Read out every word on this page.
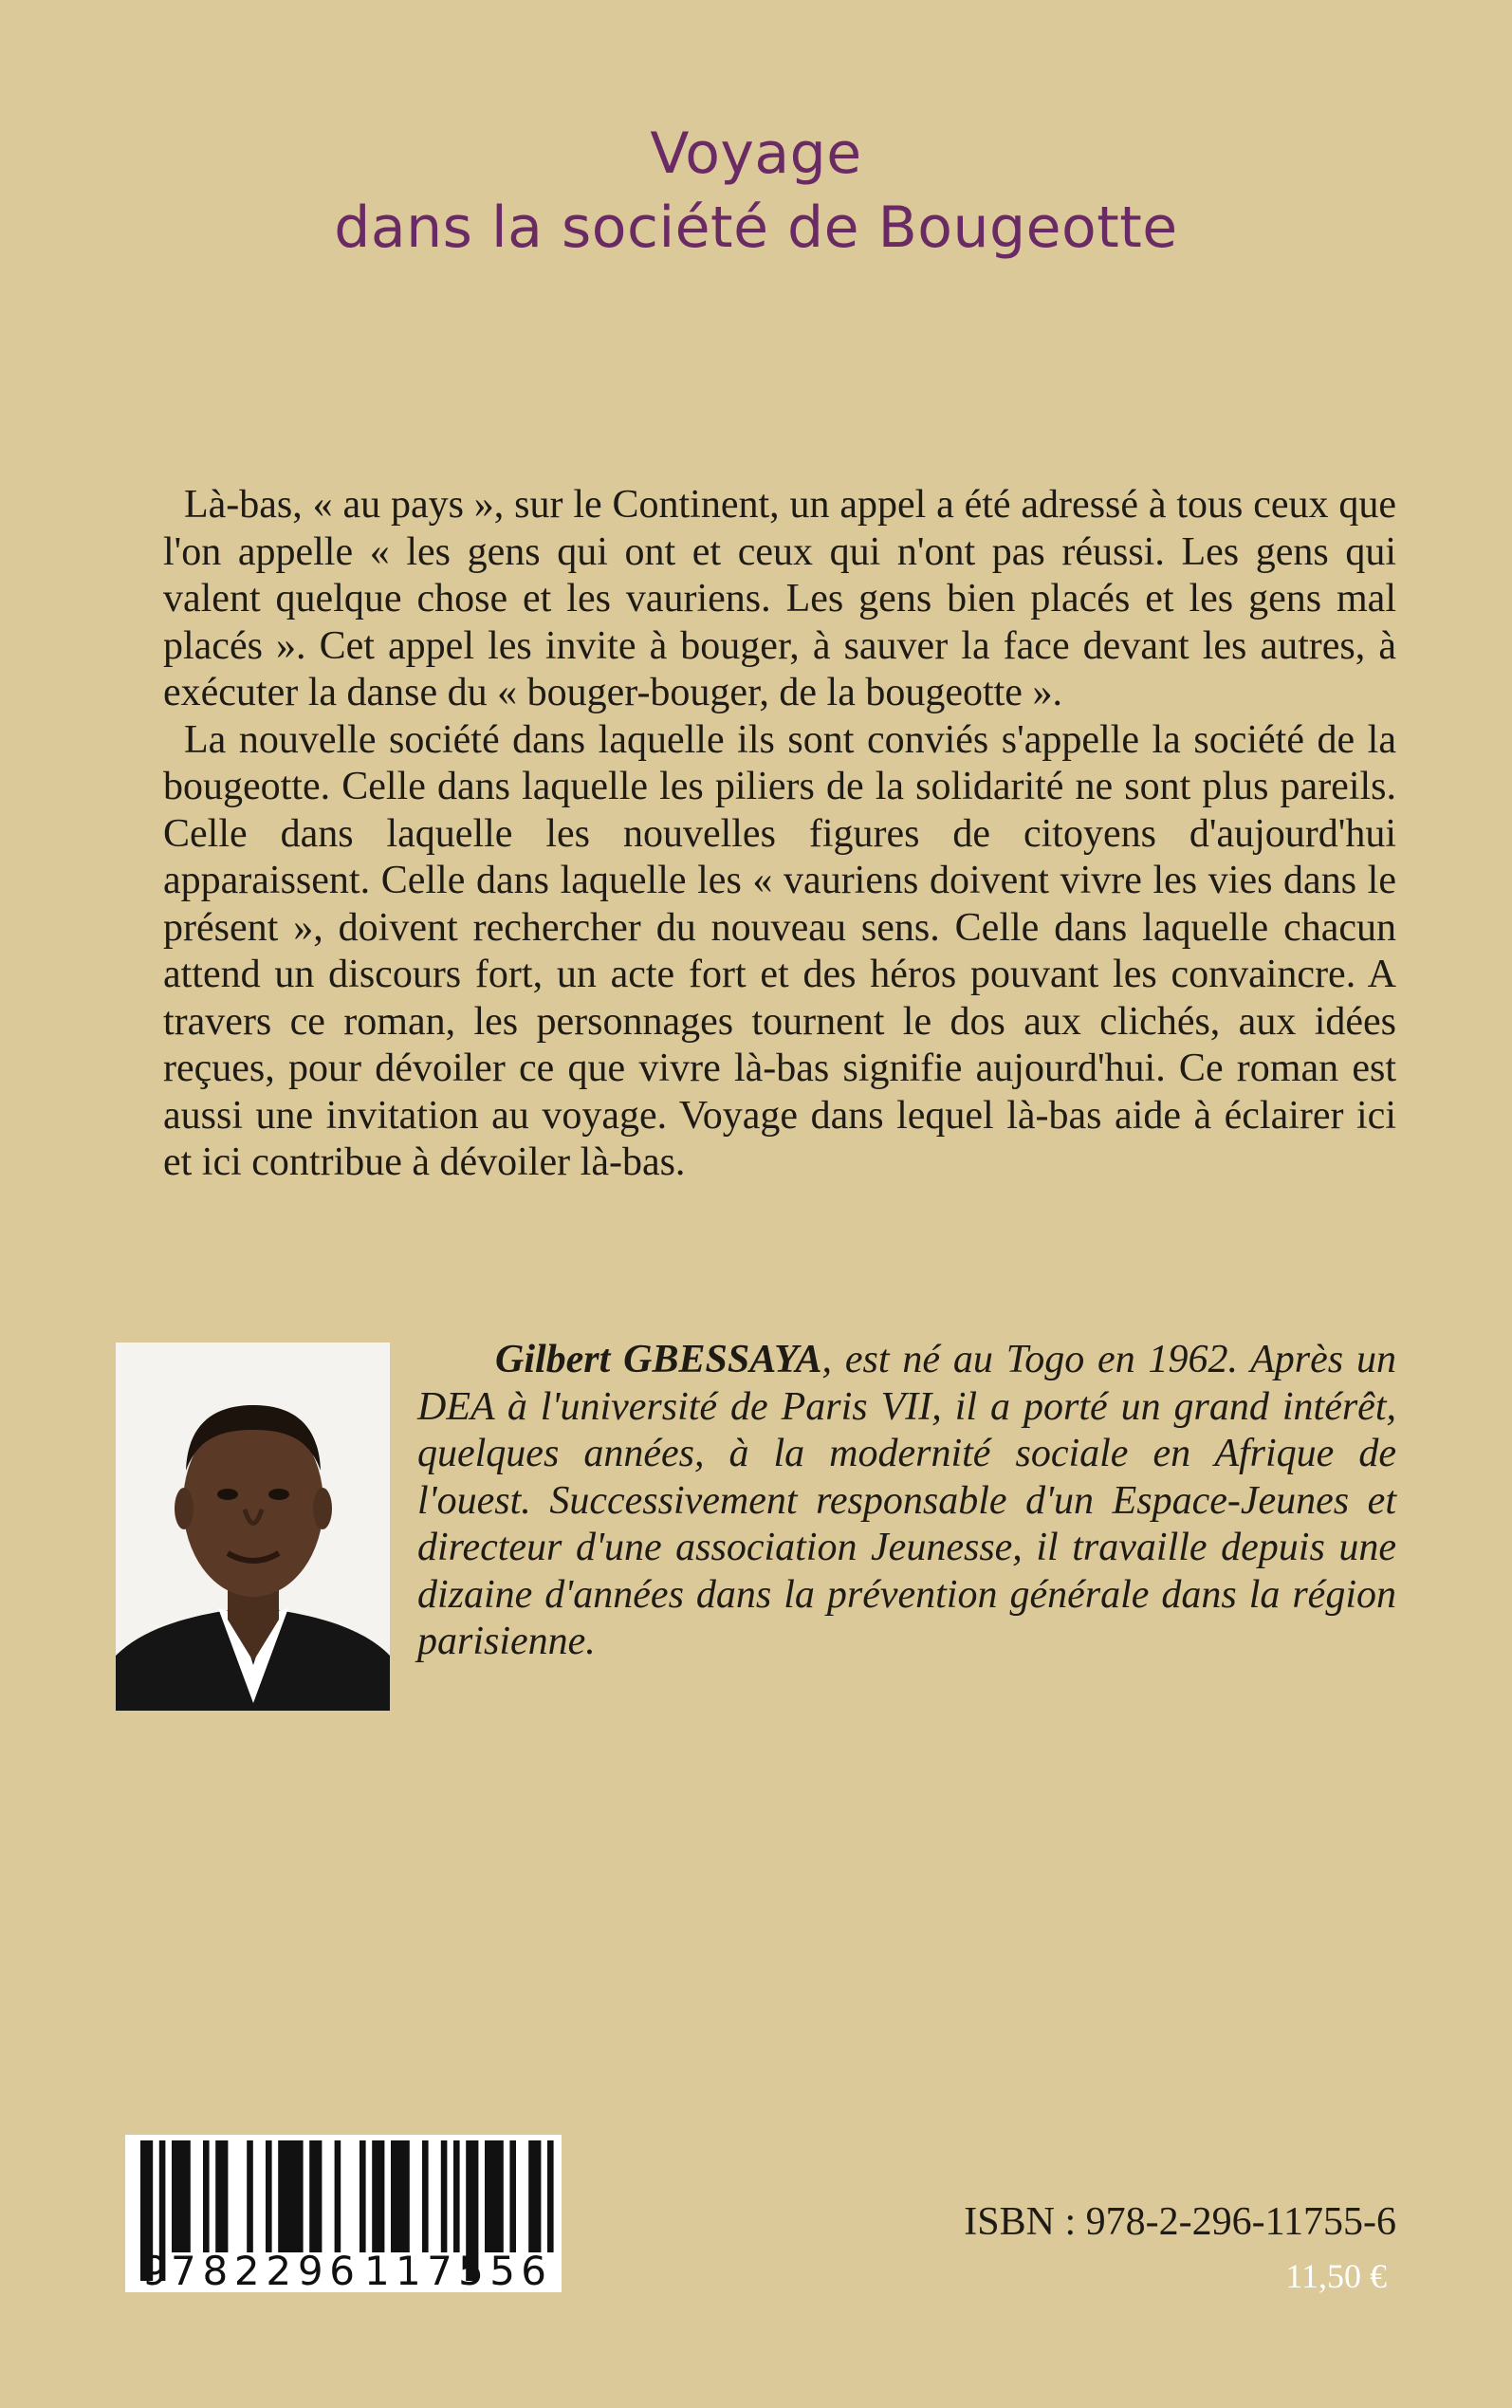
Voyage
dans la société de Bougeotte

Là-bas, « au pays », sur le Continent, un appel a été adressé à tous ceux que l'on appelle « les gens qui ont et ceux qui n'ont pas réussi. Les gens qui valent quelque chose et les vauriens. Les gens bien placés et les gens mal placés ». Cet appel les invite à bouger, à sauver la face devant les autres, à exécuter la danse du « bouger-bouger, de la bougeotte ».

La nouvelle société dans laquelle ils sont conviés s'appelle la société de la bougeotte. Celle dans laquelle les piliers de la solidarité ne sont plus pareils. Celle dans laquelle les nouvelles figures de citoyens d'aujourd'hui apparaissent. Celle dans laquelle les « vauriens doivent vivre les vies dans le présent », doivent rechercher du nouveau sens. Celle dans laquelle chacun attend un discours fort, un acte fort et des héros pouvant les convaincre. A travers ce roman, les personnages tournent le dos aux clichés, aux idées reçues, pour dévoiler ce que vivre là-bas signifie aujourd'hui. Ce roman est aussi une invitation au voyage. Voyage dans lequel là-bas aide à éclairer ici et ici contribue à dévoiler là-bas.

Gilbert GBESSAYA, est né au Togo en 1962. Après un DEA à l'université de Paris VII, il a porté un grand intérêt, quelques années, à la modernité sociale en Afrique de l'ouest. Successivement responsable d'un Espace-Jeunes et directeur d'une association Jeunesse, il travaille depuis une dizaine d'années dans la prévention générale dans la région parisienne.

9 782296 117556
ISBN : 978-2-296-11755-6
11,50 €
